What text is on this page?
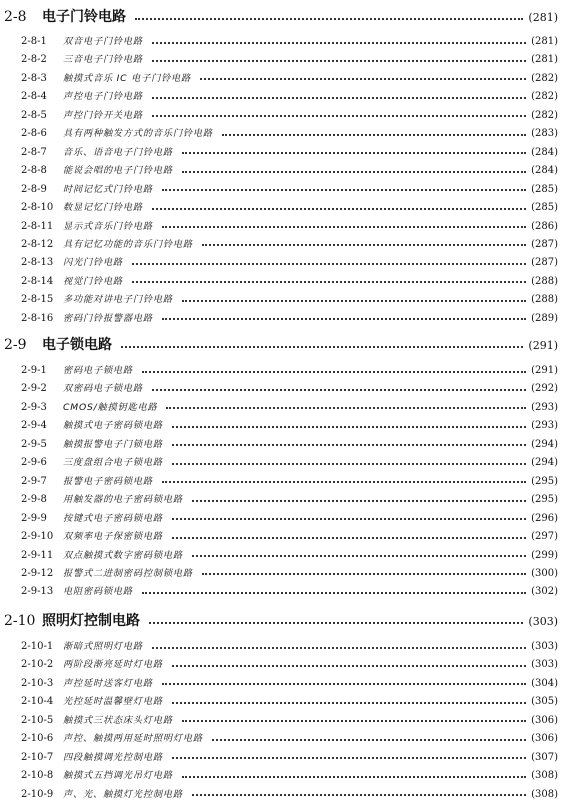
2-8	电子门铃电路	(281)
2-8-1	双音电子门铃电路	(281)
2-8-2	三音电子门铃电路	(281)
2-8-3	触摸式音乐 IC 电子门铃电路	(282)
2-8-4	声控电子门铃电路	(282)
2-8-5	声控门铃开关电路	(282)
2-8-6	具有两种触发方式的音乐门铃电路	(283)
2-8-7	音乐、语音电子门铃电路	(284)
2-8-8	能说会唱的电子门铃电路	(284)
2-8-9	时间记忆式门铃电路	(285)
2-8-10	数显记忆门铃电路	(285)
2-8-11	显示式音乐门铃电路	(286)
2-8-12	具有记忆功能的音乐门铃电路	(287)
2-8-13	闪光门铃电路	(287)
2-8-14	视觉门铃电路	(288)
2-8-15	多功能对讲电子门铃电路	(288)
2-8-16	密码门铃报警器电路	(289)
2-9	电子锁电路	(291)
2-9-1	密码电子锁电路	(291)
2-9-2	双密码电子锁电路	(292)
2-9-3	CMOS/触摸钥匙电路	(293)
2-9-4	触摸式电子密码锁电路	(293)
2-9-5	触摸报警电子门锁电路	(294)
2-9-6	三度盘组合电子锁电路	(294)
2-9-7	报警电子密码锁电路	(295)
2-9-8	用触发器的电子密码锁电路	(295)
2-9-9	按键式电子密码锁电路	(296)
2-9-10	双频率电子保密锁电路	(297)
2-9-11	双点触摸式数字密码锁电路	(299)
2-9-12	报警式二进制密码控制锁电路	(300)
2-9-13	电阻密码锁电路	(302)
2-10 照明灯控制电路	(303)
2-10-1	渐暗式照明灯电路	(303)
2-10-2	两阶段渐亮延时灯电路	(303)
2-10-3	声控延时送客灯电路	(304)
2-10-4	光控延时温馨壁灯电路	(305)
2-10-5	触摸式三状态床头灯电路	(306)
2-10-6	声控、触摸两用延时照明灯电路	(306)
2-10-7	四段触摸调光控制电路	(307)
2-10-8	触摸式五挡调光吊灯电路	(308)
2-10-9	声、光、触摸灯光控制电路	(308)
